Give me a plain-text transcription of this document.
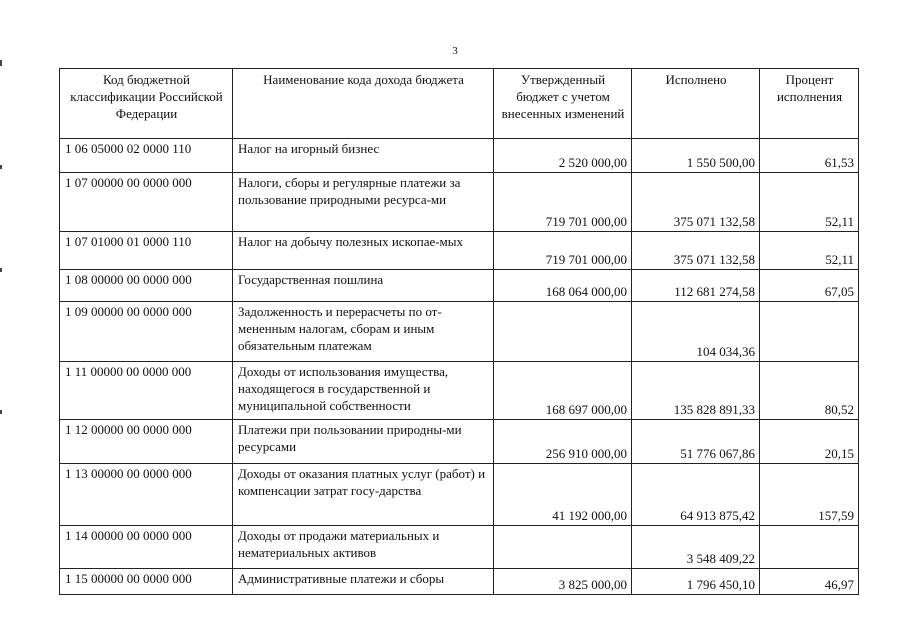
3
Код бюджетной классификации Российской Федерации	Наименование кода дохода бюджета	Утвержденный бюджет с учетом внесенных изменений	Исполнено	Процент исполнения
1 06 05000 02 0000 110	Налог на игорный бизнес	2 520 000,00	1 550 500,00	61,53
1 07 00000 00 0000 000	Налоги, сборы и регулярные платежи за пользование природными ресурса-ми	719 701 000,00	375 071 132,58	52,11
1 07 01000 01 0000 110	Налог на добычу полезных ископае-мых	719 701 000,00	375 071 132,58	52,11
1 08 00000 00 0000 000	Государственная пошлина	168 064 000,00	112 681 274,58	67,05
1 09 00000 00 0000 000	Задолженность и перерасчеты по от-мененным налогам, сборам и иным обязательным платежам		104 034,36	
1 11 00000 00 0000 000	Доходы от использования имущества, находящегося в государственной и муниципальной собственности	168 697 000,00	135 828 891,33	80,52
1 12 00000 00 0000 000	Платежи при пользовании природны-ми ресурсами	256 910 000,00	51 776 067,86	20,15
1 13 00000 00 0000 000	Доходы от оказания платных услуг (работ) и компенсации затрат госу-дарства	41 192 000,00	64 913 875,42	157,59
1 14 00000 00 0000 000	Доходы от продажи материальных и нематериальных активов		3 548 409,22	
1 15 00000 00 0000 000	Административные платежи и сборы	3 825 000,00	1 796 450,10	46,97
